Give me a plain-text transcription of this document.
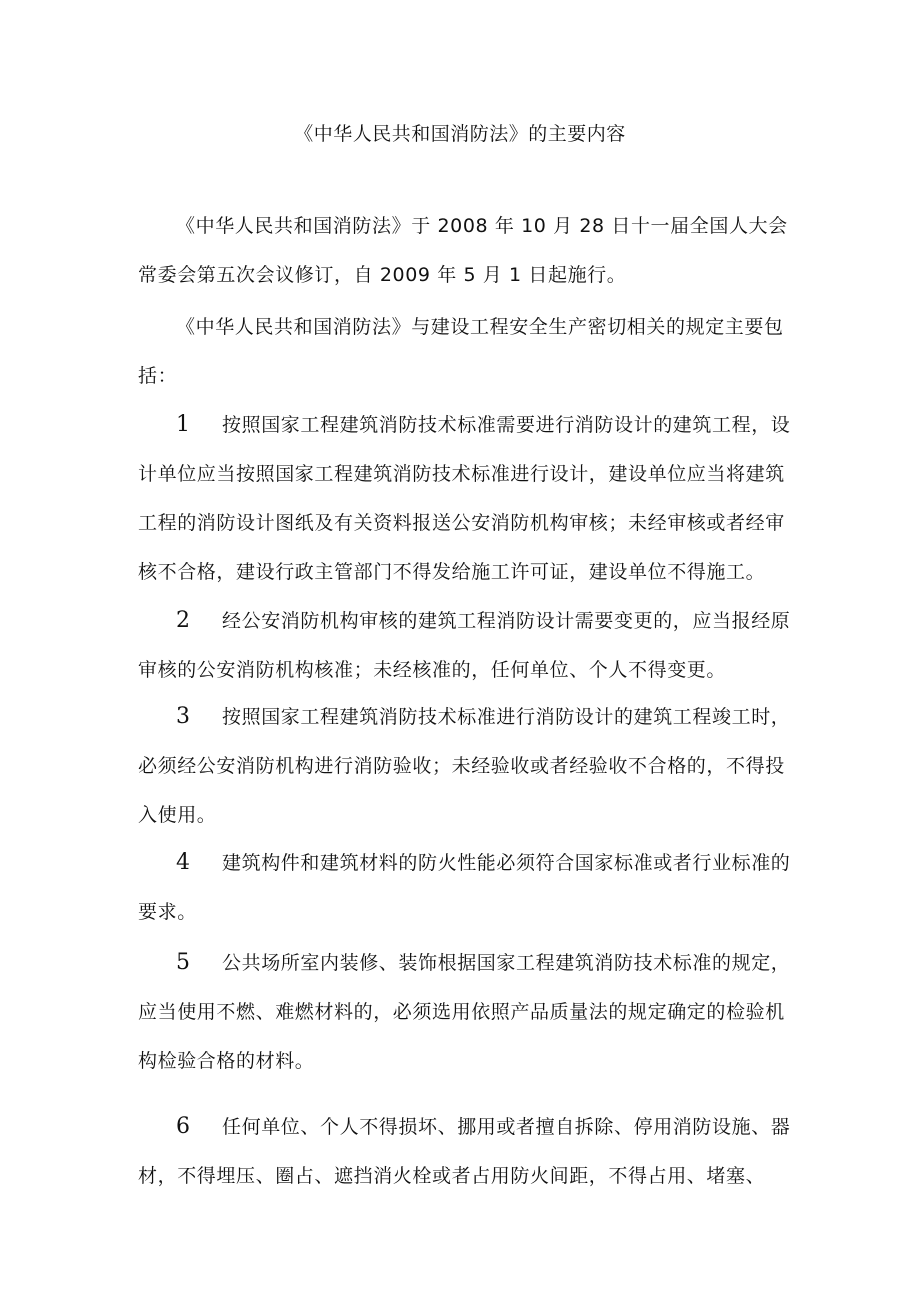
《中华人民共和国消防法》的主要内容

《中华人民共和国消防法》于 2008 年 10 月 28 日十一届全国人大会常委会第五次会议修订，自 2009 年 5 月 1 日起施行。

《中华人民共和国消防法》与建设工程安全生产密切相关的规定主要包括：

1 按照国家工程建筑消防技术标准需要进行消防设计的建筑工程，设计单位应当按照国家工程建筑消防技术标准进行设计，建设单位应当将建筑工程的消防设计图纸及有关资料报送公安消防机构审核；未经审核或者经审核不合格，建设行政主管部门不得发给施工许可证，建设单位不得施工。

2 经公安消防机构审核的建筑工程消防设计需要变更的，应当报经原审核的公安消防机构核准；未经核准的，任何单位、个人不得变更。

3 按照国家工程建筑消防技术标准进行消防设计的建筑工程竣工时，必须经公安消防机构进行消防验收；未经验收或者经验收不合格的，不得投入使用。

4 建筑构件和建筑材料的防火性能必须符合国家标准或者行业标准的要求。

5 公共场所室内装修、装饰根据国家工程建筑消防技术标准的规定，应当使用不燃、难燃材料的，必须选用依照产品质量法的规定确定的检验机构检验合格的材料。

6 任何单位、个人不得损坏、挪用或者擅自拆除、停用消防设施、器材，不得埋压、圈占、遮挡消火栓或者占用防火间距，不得占用、堵塞、
